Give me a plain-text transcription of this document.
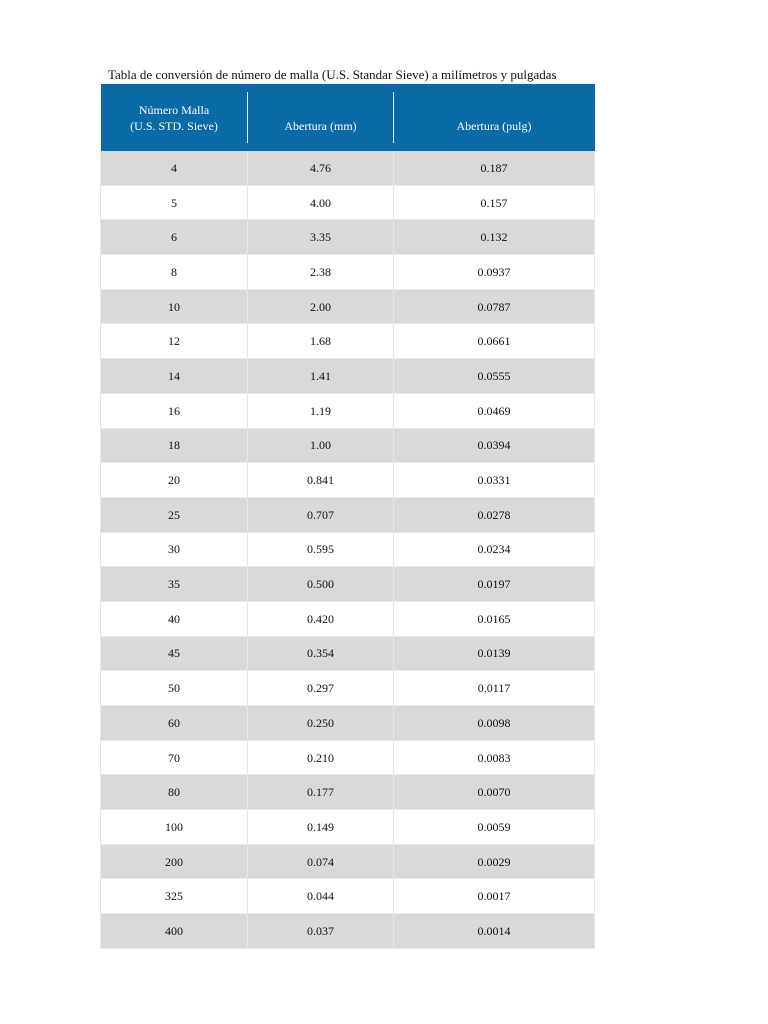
Tabla de conversión de número de malla (U.S. Standar Sieve) a milímetros y pulgadas
Número Malla
(U.S. STD. Sieve)	Abertura (mm)	Abertura (pulg)

4	4.76	0.187
5	4.00	0.157
6	3.35	0.132
8	2.38	0.0937
10	2.00	0.0787
12	1.68	0.0661
14	1.41	0.0555
16	1.19	0.0469
18	1.00	0.0394
20	0.841	0.0331
25	0.707	0.0278
30	0.595	0.0234
35	0.500	0.0197
40	0.420	0.0165
45	0.354	0.0139
50	0.297	0.0117
60	0.250	0.0098
70	0.210	0.0083
80	0.177	0.0070
100	0.149	0.0059
200	0.074	0.0029
325	0.044	0.0017
400	0.037	0.0014
